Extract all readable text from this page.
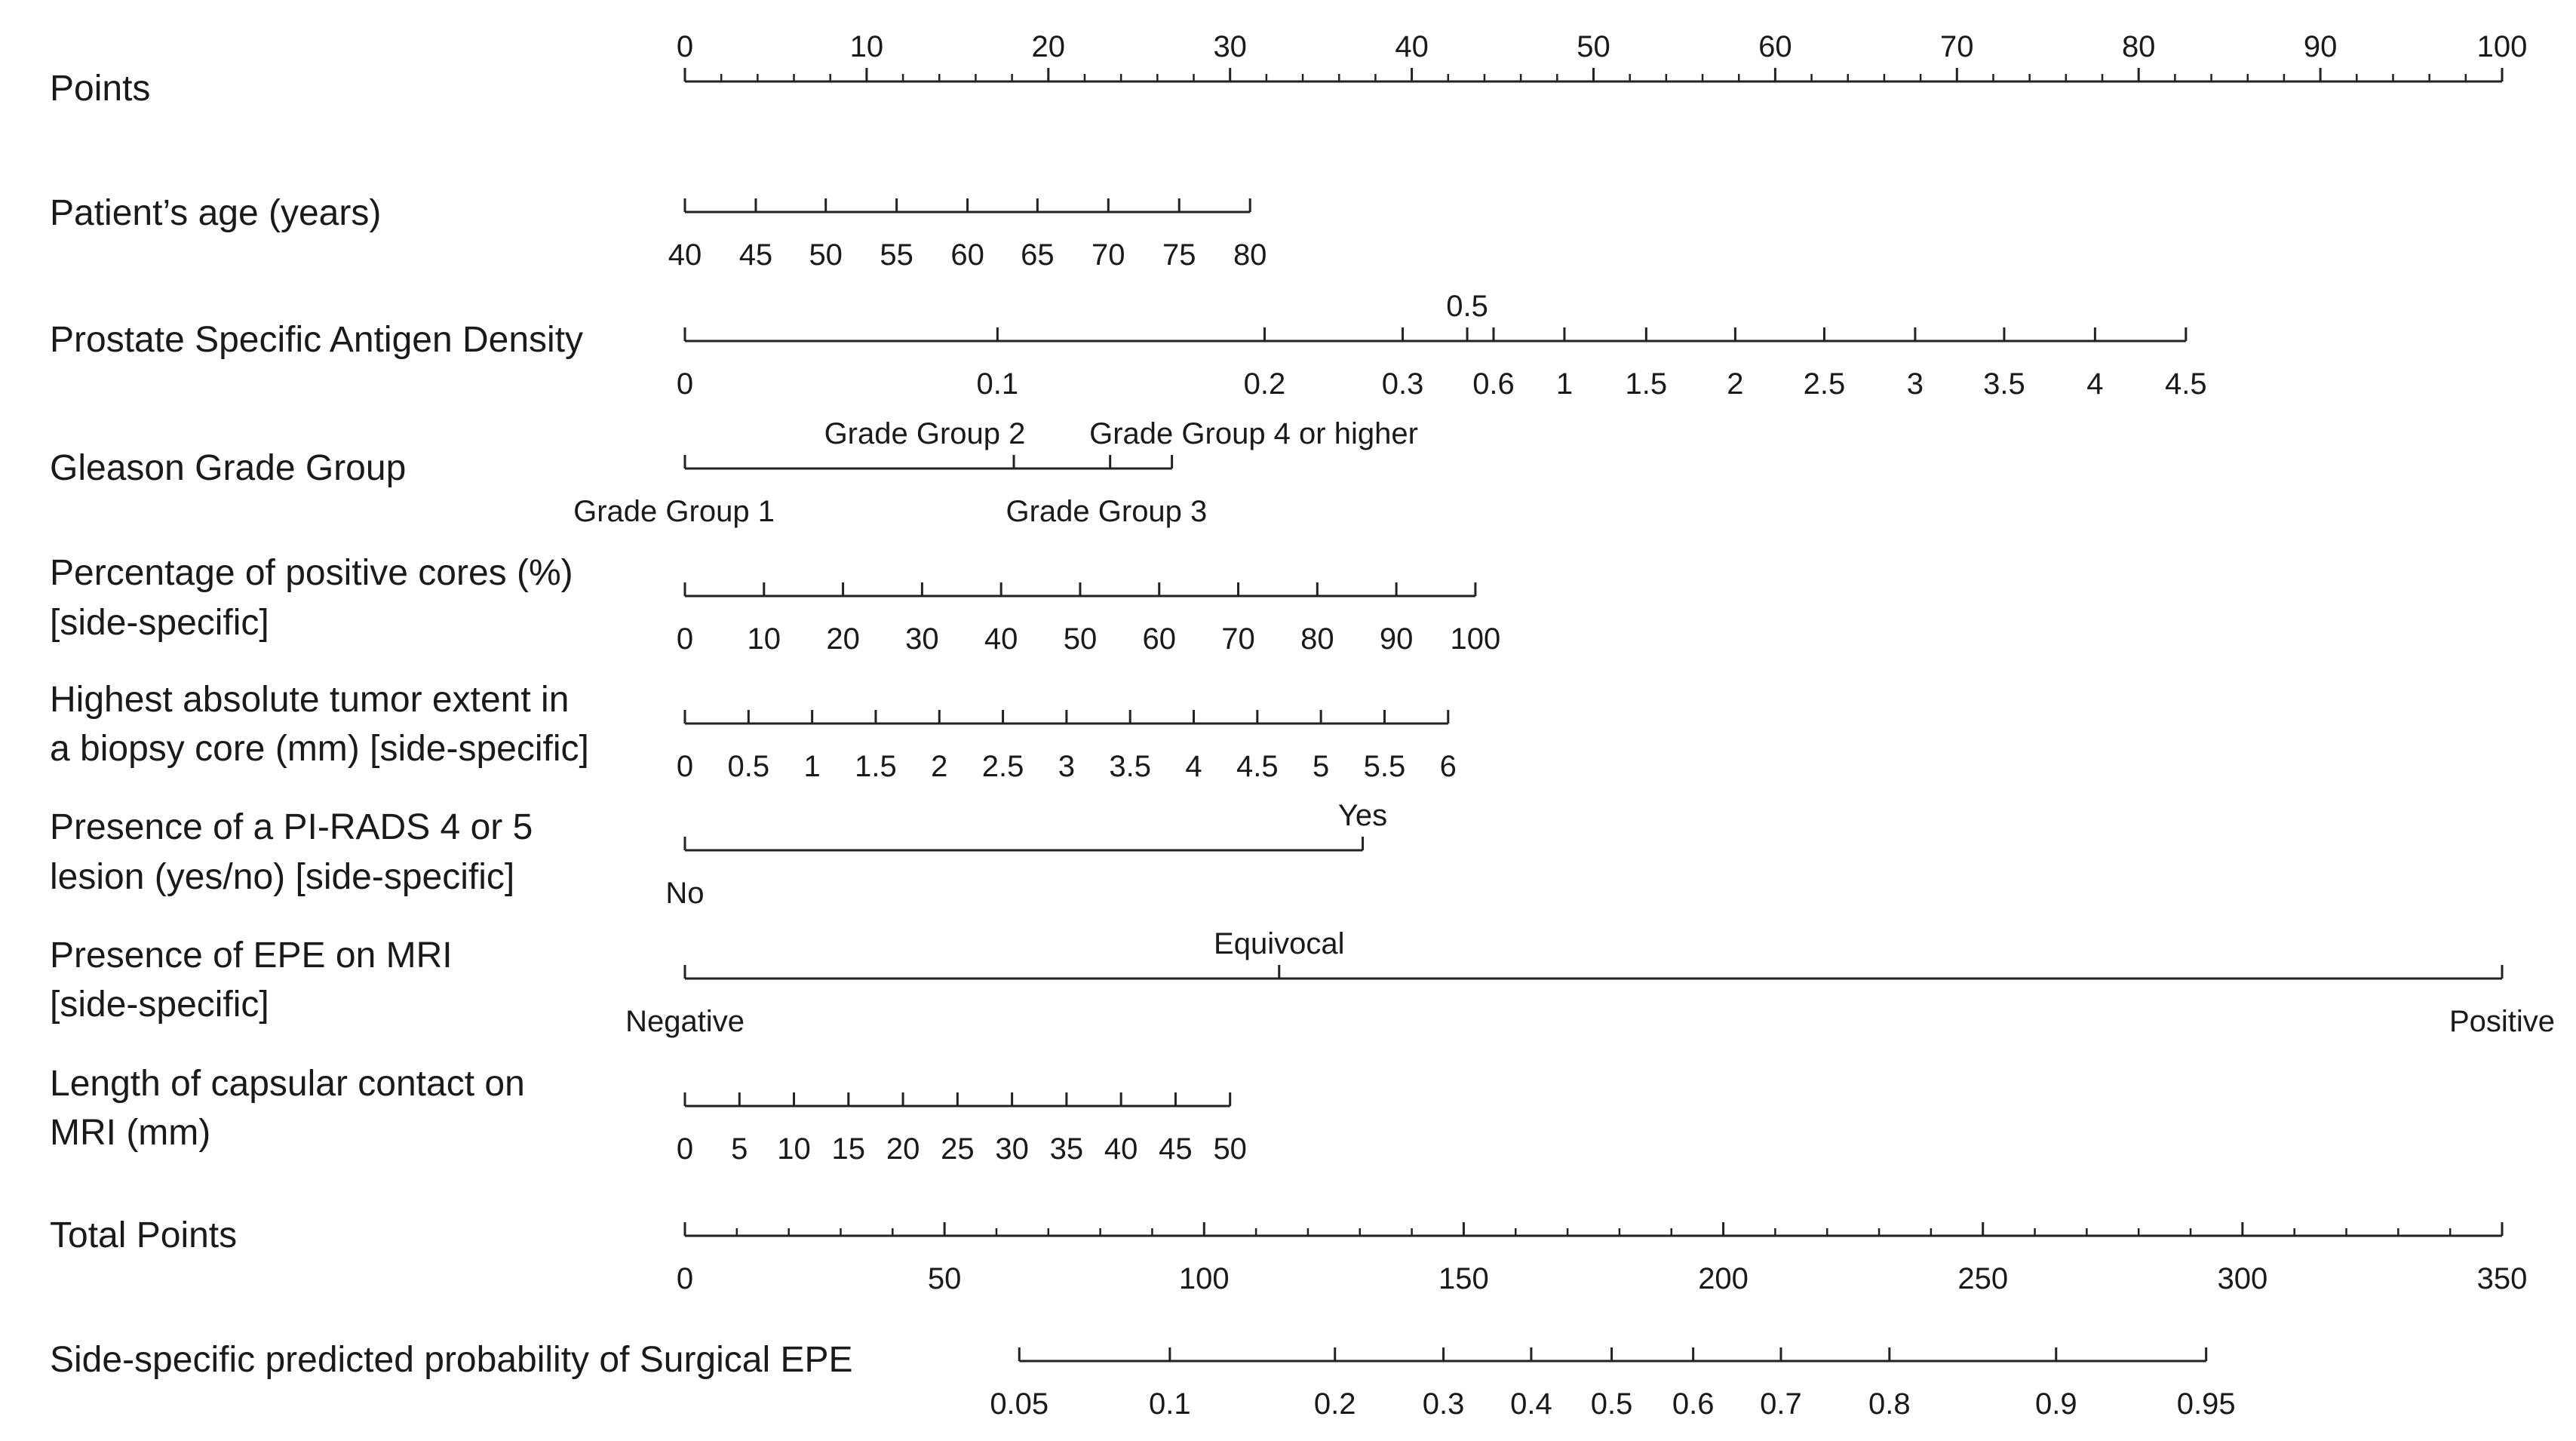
Points
0	10	20	30	40	50	60	70	80	90	100
Patient’s age (years)
40 45 50 55 60 65 70 75 80
Prostate Specific Antigen Density
0	0.1	0.2	0.3
0.5
0.6 1 1.5 2 2.5 3 3.5 4 4.5
Gleason Grade Group
Grade Group 1
Grade Group 2
Grade Group 3
Grade Group 4 or higher
Percentage of positive cores (%)
[side-specific]	0 10 20 30 40 50 60 70 80 90 100
Highest absolute tumor extent in
a biopsy core (mm) [side-specific]	0 0.5 1 1.5 2 2.5 3 3.5 4 4.5 5 5.5 6
Presence of a PI-RADS 4 or 5
lesion (yes/no) [side-specific]	No
Yes
Presence of EPE on MRI
[side-specific]	Negative
Equivocal
Positive
Length of capsular contact on
MRI (mm)	0 5 10 15 20 25 30 35 40 45 50
Total Points
0	50	100	150	200	250	300	350
Side-specific predicted probability of Surgical EPE
0.05	0.1	0.2 0.3 0.4 0.5 0.6 0.7 0.8	0.9	0.95
